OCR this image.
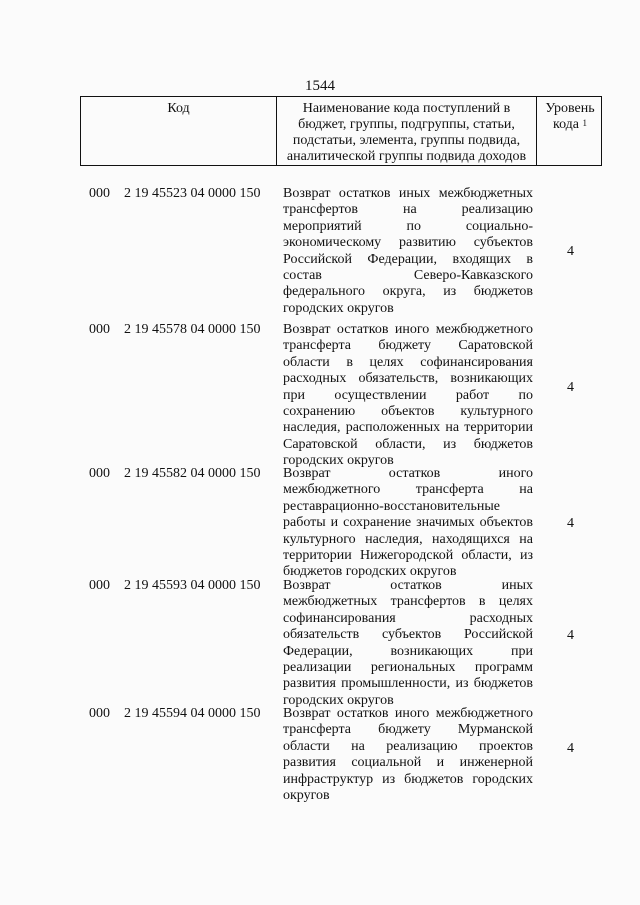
1544
Код	Наименование кода поступлений в
бюджет, группы, подгруппы, статьи,
подстатьи, элемента, группы подвида,
аналитической группы подвида доходов
Уровень
кода $^1$
000 2 19 45523 04 0000 150 Возврат остатков иных межбюджетных
трансфертов на реализацию
мероприятий по социально-
экономическому развитию субъектов
Российской Федерации, входящих в
состав Северо-Кавказского
федерального округа, из бюджетов
городских округов
4
000 2 19 45578 04 0000 150 Возврат остатков иного межбюджетного
трансферта бюджету Саратовской
области в целях софинансирования
расходных обязательств, возникающих
при осуществлении работ по
сохранению объектов культурного
наследия, расположенных на территории
Саратовской области, из бюджетов
городских округов
4
000 2 19 45582 04 0000 150 Возврат остатков иного
межбюджетного трансферта на
реставрационно-восстановительные
работы и сохранение значимых объектов
культурного наследия, находящихся на
территории Нижегородской области, из
бюджетов городских округов
4
000 2 19 45593 04 0000 150 Возврат остатков иных
межбюджетных трансфертов в целях
софинансирования расходных
обязательств субъектов Российской
Федерации, возникающих при
реализации региональных программ
развития промышленности, из бюджетов
городских округов
4
000 2 19 45594 04 0000 150 Возврат остатков иного межбюджетного
трансферта бюджету Мурманской
области на реализацию проектов
развития социальной и инженерной
инфраструктур из бюджетов городских
округов
4
